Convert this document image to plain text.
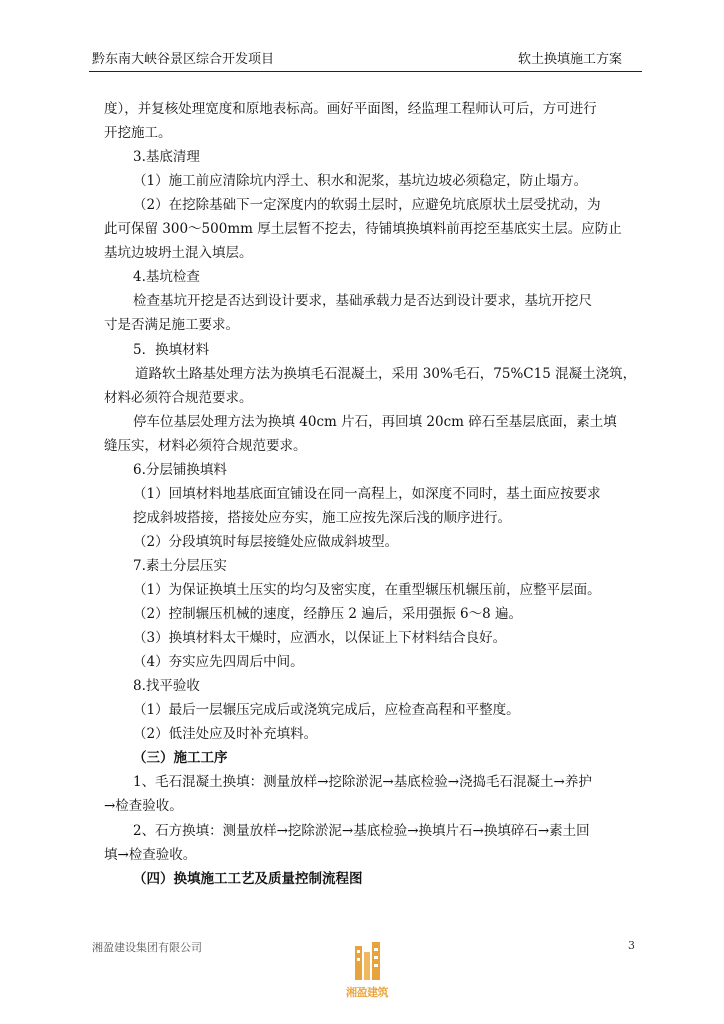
黔东南大峡谷景区综合开发项目	软土换填施工方案
度），并复核处理宽度和原地表标高。画好平面图，经监理工程师认可后，方可进行
开挖施工。
3.基底清理
（1）施工前应清除坑内浮土、积水和泥浆，基坑边坡必须稳定，防止塌方。
（2）在挖除基础下一定深度内的软弱土层时，应避免坑底原状土层受扰动，为
此可保留 300～500mm 厚土层暂不挖去，待铺填换填料前再挖至基底实土层。应防止
基坑边坡坍土混入填层。
4.基坑检查
检查基坑开挖是否达到设计要求，基础承载力是否达到设计要求，基坑开挖尺
寸是否满足施工要求。
5．换填材料
道路软土路基处理方法为换填毛石混凝土，采用 30%毛石，75%C15 混凝土浇筑，
材料必须符合规范要求。
停车位基层处理方法为换填 40cm 片石，再回填 20cm 碎石至基层底面，素土填
缝压实，材料必须符合规范要求。
6.分层铺换填料
（1）回填材料地基底面宜铺设在同一高程上，如深度不同时，基土面应按要求
挖成斜坡搭接，搭接处应夯实，施工应按先深后浅的顺序进行。
（2）分段填筑时每层接缝处应做成斜坡型。
7.素土分层压实
（1）为保证换填土压实的均匀及密实度，在重型辗压机辗压前，应整平层面。
（2）控制辗压机械的速度，经静压 2 遍后，采用强振 6～8 遍。
（3）换填材料太干燥时，应洒水，以保证上下材料结合良好。
（4）夯实应先四周后中间。
8.找平验收
（1）最后一层辗压完成后或浇筑完成后，应检查高程和平整度。
（2）低洼处应及时补充填料。
（三）施工工序
1、毛石混凝土换填：测量放样→挖除淤泥→基底检验→浇捣毛石混凝土→养护
→检查验收。
2、石方换填：测量放样→挖除淤泥→基底检验→换填片石→换填碎石→素土回
填→检查验收。
（四）换填施工工艺及质量控制流程图
湘盈建设集团有限公司
湘盈建筑
3
